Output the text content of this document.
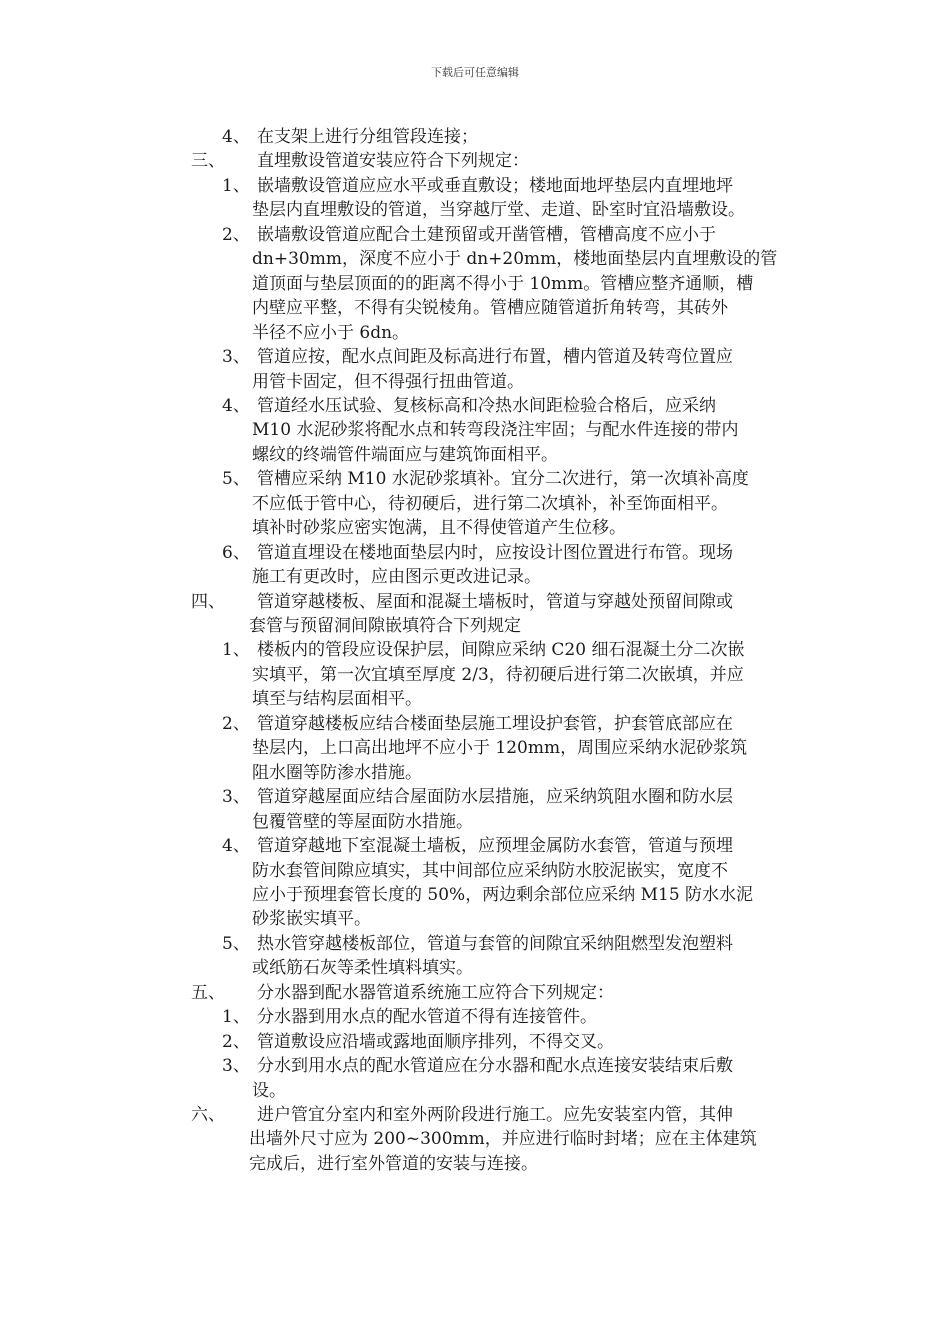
下载后可任意编辑
4、 在支架上进行分组管段连接；
三、 直埋敷设管道安装应符合下列规定：
1、 嵌墙敷设管道应应水平或垂直敷设；楼地面地坪垫层内直埋地坪
垫层内直埋敷设的管道，当穿越厅堂、走道、卧室时宜沿墙敷设。
2、 嵌墙敷设管道应配合土建预留或开凿管槽，管槽高度不应小于
dn+30mm，深度不应小于 dn+20mm，楼地面垫层内直埋敷设的管
道顶面与垫层顶面的的距离不得小于 10mm。管槽应整齐通顺，槽
内壁应平整，不得有尖锐棱角。管槽应随管道折角转弯，其砖外
半径不应小于 6dn。
3、 管道应按，配水点间距及标高进行布置，槽内管道及转弯位置应
用管卡固定，但不得强行扭曲管道。
4、 管道经水压试验、复核标高和冷热水间距检验合格后，应采纳
M10 水泥砂浆将配水点和转弯段浇注牢固；与配水件连接的带内
螺纹的终端管件端面应与建筑饰面相平。
5、 管槽应采纳 M10 水泥砂浆填补。宜分二次进行，第一次填补高度
不应低于管中心，待初硬后，进行第二次填补，补至饰面相平。
填补时砂浆应密实饱满，且不得使管道产生位移。
6、 管道直埋设在楼地面垫层内时，应按设计图位置进行布管。现场
施工有更改时，应由图示更改进记录。
四、 管道穿越楼板、屋面和混凝土墙板时，管道与穿越处预留间隙或
套管与预留洞间隙嵌填符合下列规定
1、 楼板内的管段应设保护层，间隙应采纳 C20 细石混凝土分二次嵌
实填平，第一次宜填至厚度 2/3，待初硬后进行第二次嵌填，并应
填至与结构层面相平。
2、 管道穿越楼板应结合楼面垫层施工埋设护套管，护套管底部应在
垫层内，上口高出地坪不应小于 120mm，周围应采纳水泥砂浆筑
阻水圈等防渗水措施。
3、 管道穿越屋面应结合屋面防水层措施，应采纳筑阻水圈和防水层
包覆管壁的等屋面防水措施。
4、 管道穿越地下室混凝土墙板，应预埋金属防水套管，管道与预埋
防水套管间隙应填实，其中间部位应采纳防水胶泥嵌实，宽度不
应小于预埋套管长度的 50%，两边剩余部位应采纳 M15 防水水泥
砂浆嵌实填平。
5、 热水管穿越楼板部位，管道与套管的间隙宜采纳阻燃型发泡塑料
或纸筋石灰等柔性填料填实。
五、 分水器到配水器管道系统施工应符合下列规定：
1、 分水器到用水点的配水管道不得有连接管件。
2、 管道敷设应沿墙或露地面顺序排列，不得交叉。
3、 分水到用水点的配水管道应在分水器和配水点连接安装结束后敷
设。
六、 进户管宜分室内和室外两阶段进行施工。应先安装室内管，其伸
出墙外尺寸应为 200~300mm，并应进行临时封堵；应在主体建筑
完成后，进行室外管道的安装与连接。
